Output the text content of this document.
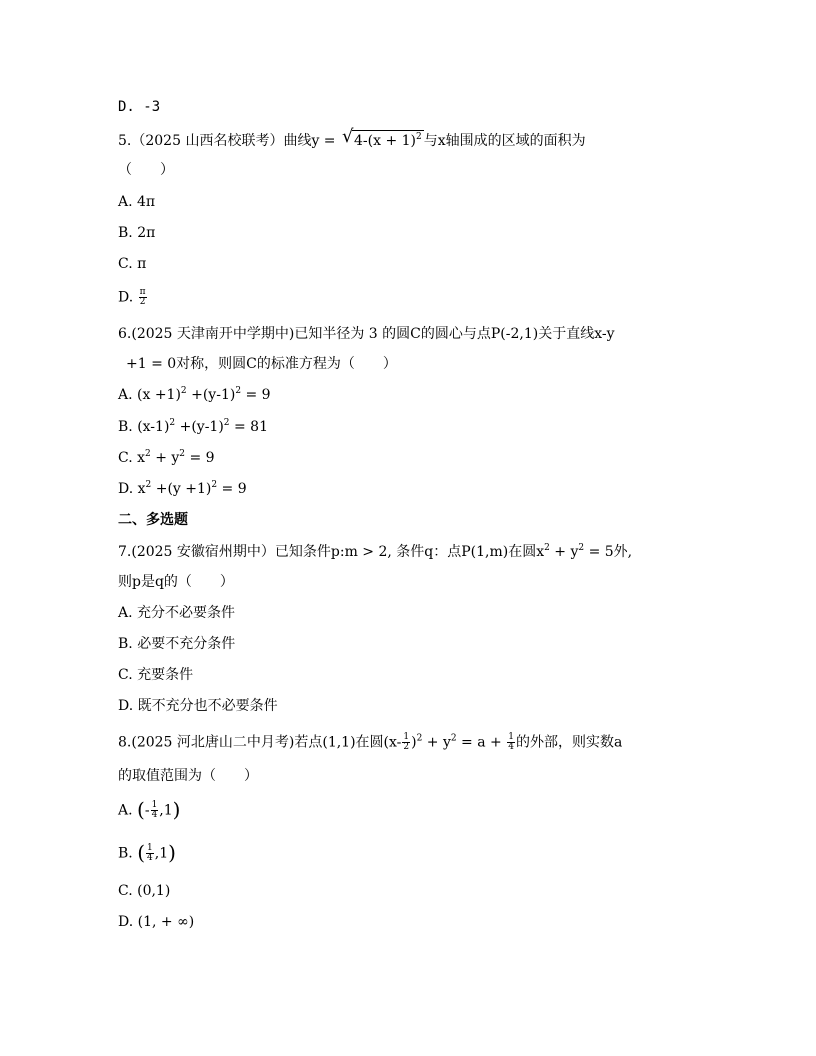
D. -3
5.（2025 山西名校联考）曲线y = √ $4-(x + 1)^2$ 与x轴围成的区域的面积为
（　　）
A. 4π
B. 2π
C. π
D. $\frac{\pi}{2}$
6.(2025 天津南开中学期中)已知半径为 3 的圆C的圆心与点P(-2,1)关于直线x-y
+1 = 0对称，则圆C的标准方程为（　　）
A. $(x +1)^2 +(y-1)^2 = 9$
B. $(x-1)^2 +(y-1)^2 = 81$
C. $x^2 + y^2 = 9$
D. $x^2 +(y +1)^2 = 9$
二、多选题
7.(2025 安徽宿州期中）已知条件p:m > 2, 条件q：点P(1,m)在圆$x^2 + y^2 = 5$外,
则p是q的（　　）
A. 充分不必要条件
B. 必要不充分条件
C. 充要条件
D. 既不充分也不必要条件
8.(2025 河北唐山二中月考)若点(1,1)在圆$(x- \frac{1}{2} )^2 + y^2 = a + \frac{1}{4}$ 的外部，则实数a
的取值范围为（　　）
A. (- $\frac{1}{4} ,1$)
B. ( $\frac{1}{4} ,1$)
C. (0,1)
D. (1, + ∞)
